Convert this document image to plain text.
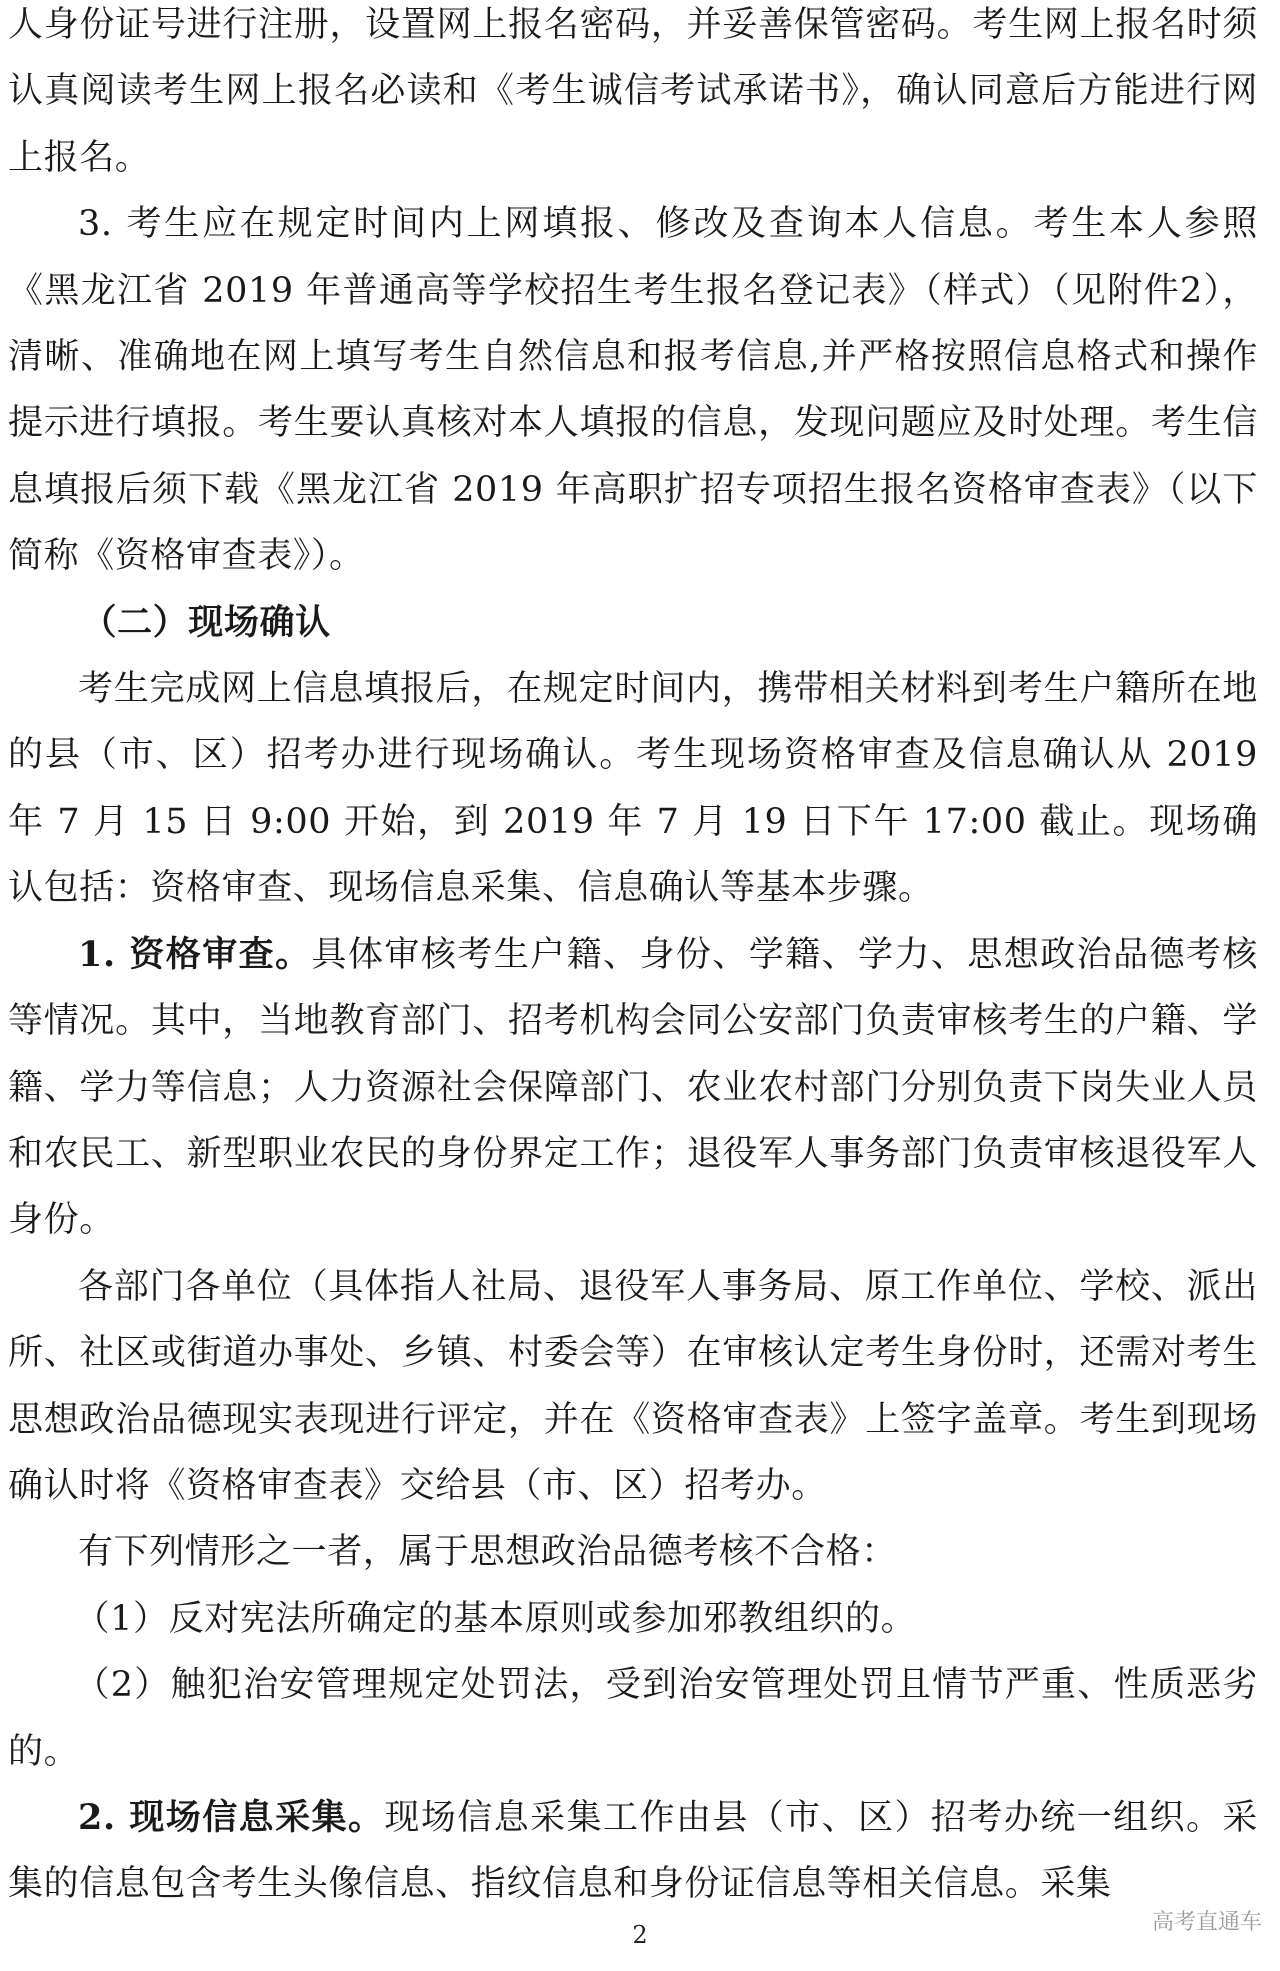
人身份证号进行注册，设置网上报名密码，并妥善保管密码。考生网上报名时须认真阅读考生网上报名必读和《考生诚信考试承诺书》，确认同意后方能进行网上报名。

3. 考生应在规定时间内上网填报、修改及查询本人信息。考生本人参照《黑龙江省 2019 年普通高等学校招生考生报名登记表》（样式）（见附件2），清晰、准确地在网上填写考生自然信息和报考信息,并严格按照信息格式和操作提示进行填报。考生要认真核对本人填报的信息，发现问题应及时处理。考生信息填报后须下载《黑龙江省 2019 年高职扩招专项招生报名资格审查表》（以下简称《资格审查表》）。

（二）现场确认

考生完成网上信息填报后，在规定时间内，携带相关材料到考生户籍所在地的县（市、区）招考办进行现场确认。考生现场资格审查及信息确认从 2019 年 7 月 15 日 9:00 开始，到 2019 年 7 月 19 日下午 17:00 截止。现场确认包括：资格审查、现场信息采集、信息确认等基本步骤。

1. 资格审查。具体审核考生户籍、身份、学籍、学力、思想政治品德考核等情况。其中，当地教育部门、招考机构会同公安部门负责审核考生的户籍、学籍、学力等信息；人力资源社会保障部门、农业农村部门分别负责下岗失业人员和农民工、新型职业农民的身份界定工作；退役军人事务部门负责审核退役军人身份。

各部门各单位（具体指人社局、退役军人事务局、原工作单位、学校、派出所、社区或街道办事处、乡镇、村委会等）在审核认定考生身份时，还需对考生思想政治品德现实表现进行评定，并在《资格审查表》上签字盖章。考生到现场确认时将《资格审查表》交给县（市、区）招考办。

有下列情形之一者，属于思想政治品德考核不合格：

（1）反对宪法所确定的基本原则或参加邪教组织的。

（2）触犯治安管理规定处罚法，受到治安管理处罚且情节严重、性质恶劣的。

2. 现场信息采集。现场信息采集工作由县（市、区）招考办统一组织。采集的信息包含考生头像信息、指纹信息和身份证信息等相关信息。采集

高考直通车
2
